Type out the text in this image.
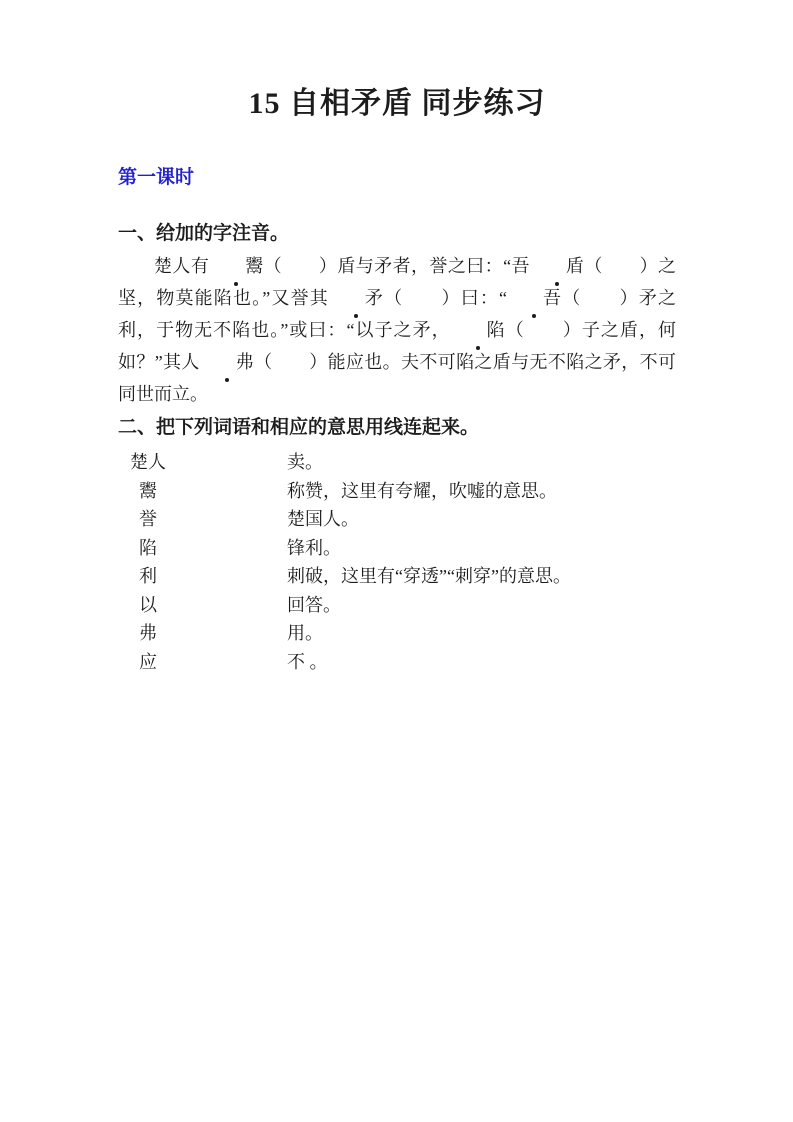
15 自相矛盾 同步练习
第一课时
一、给加的字注音。

楚人有 鬻（　　）盾与矛者，誉之曰：“吾 盾（　　）之坚，物莫能陷也。”又誉其 矛（　　）曰：“ 吾（　　）矛之利，于物无不陷也。”或曰：“以子之矛， 陷（　　）子之盾，何如？”其人 弗（　　）能应也。夫不可陷之盾与无不陷之矛，不可同世而立。

二、把下列词语和相应的意思用线连起来。
楚人	卖。
鬻	称赞，这里有夸耀，吹嘘的意思。
誉	楚国人。
陷	锋利。
利	刺破，这里有“穿透”“刺穿”的意思。
以	回答。
弗	用。
应	不 。
